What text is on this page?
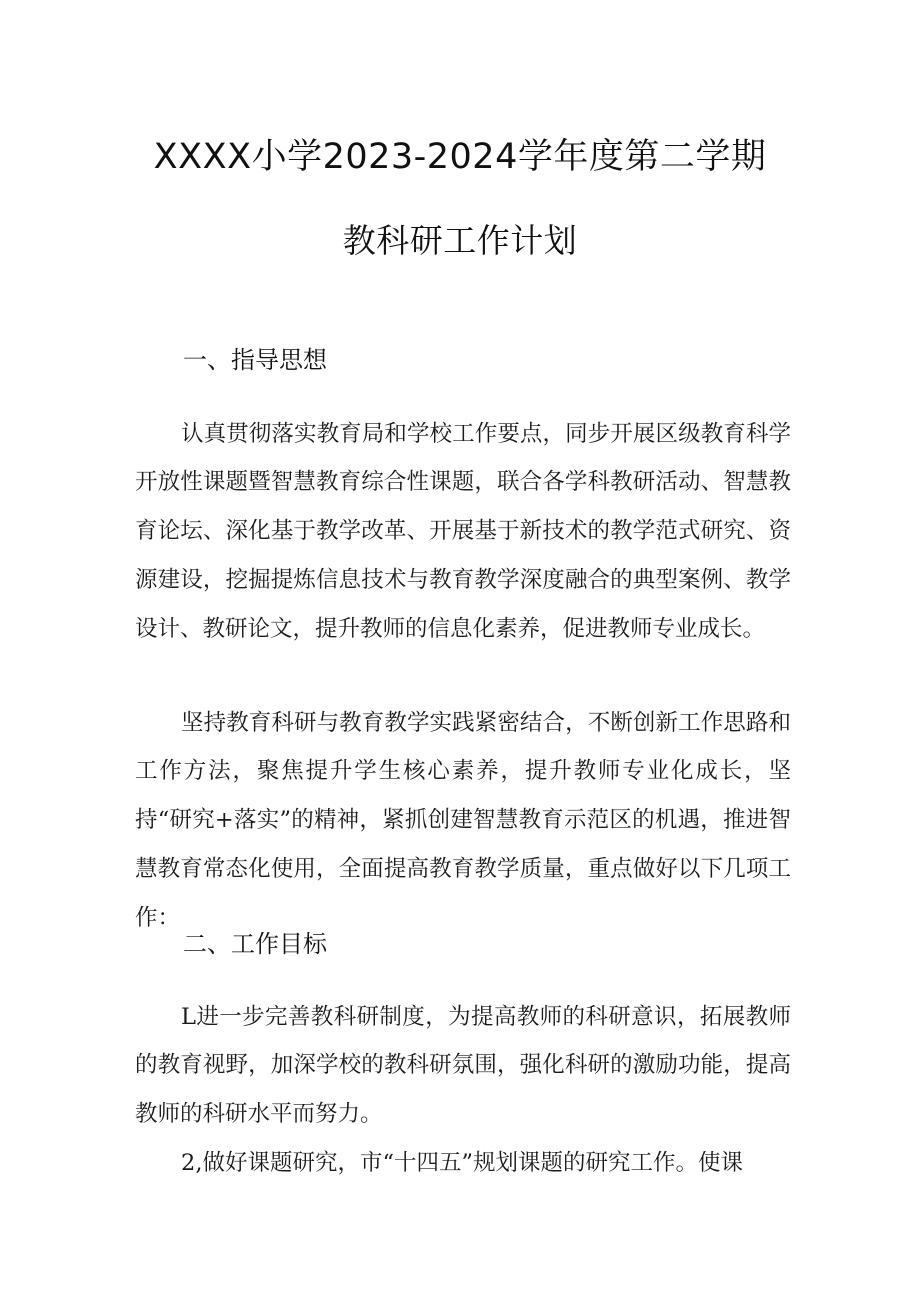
XXXX小学2023-2024学年度第二学期
教科研工作计划
一、指导思想

认真贯彻落实教育局和学校工作要点，同步开展区级教育科学开放性课题暨智慧教育综合性课题，联合各学科教研活动、智慧教育论坛、深化基于教学改革、开展基于新技术的教学范式研究、资源建设，挖掘提炼信息技术与教育教学深度融合的典型案例、教学设计、教研论文，提升教师的信息化素养，促进教师专业成长。

坚持教育科研与教育教学实践紧密结合，不断创新工作思路和工作方法，聚焦提升学生核心素养，提升教师专业化成长，坚持“研究+落实”的精神，紧抓创建智慧教育示范区的机遇，推进智慧教育常态化使用，全面提高教育教学质量，重点做好以下几项工作：

二、工作目标

L进一步完善教科研制度，为提高教师的科研意识，拓展教师的教育视野，加深学校的教科研氛围，强化科研的激励功能，提高教师的科研水平而努力。

2,做好课题研究，市“十四五”规划课题的研究工作。使课
